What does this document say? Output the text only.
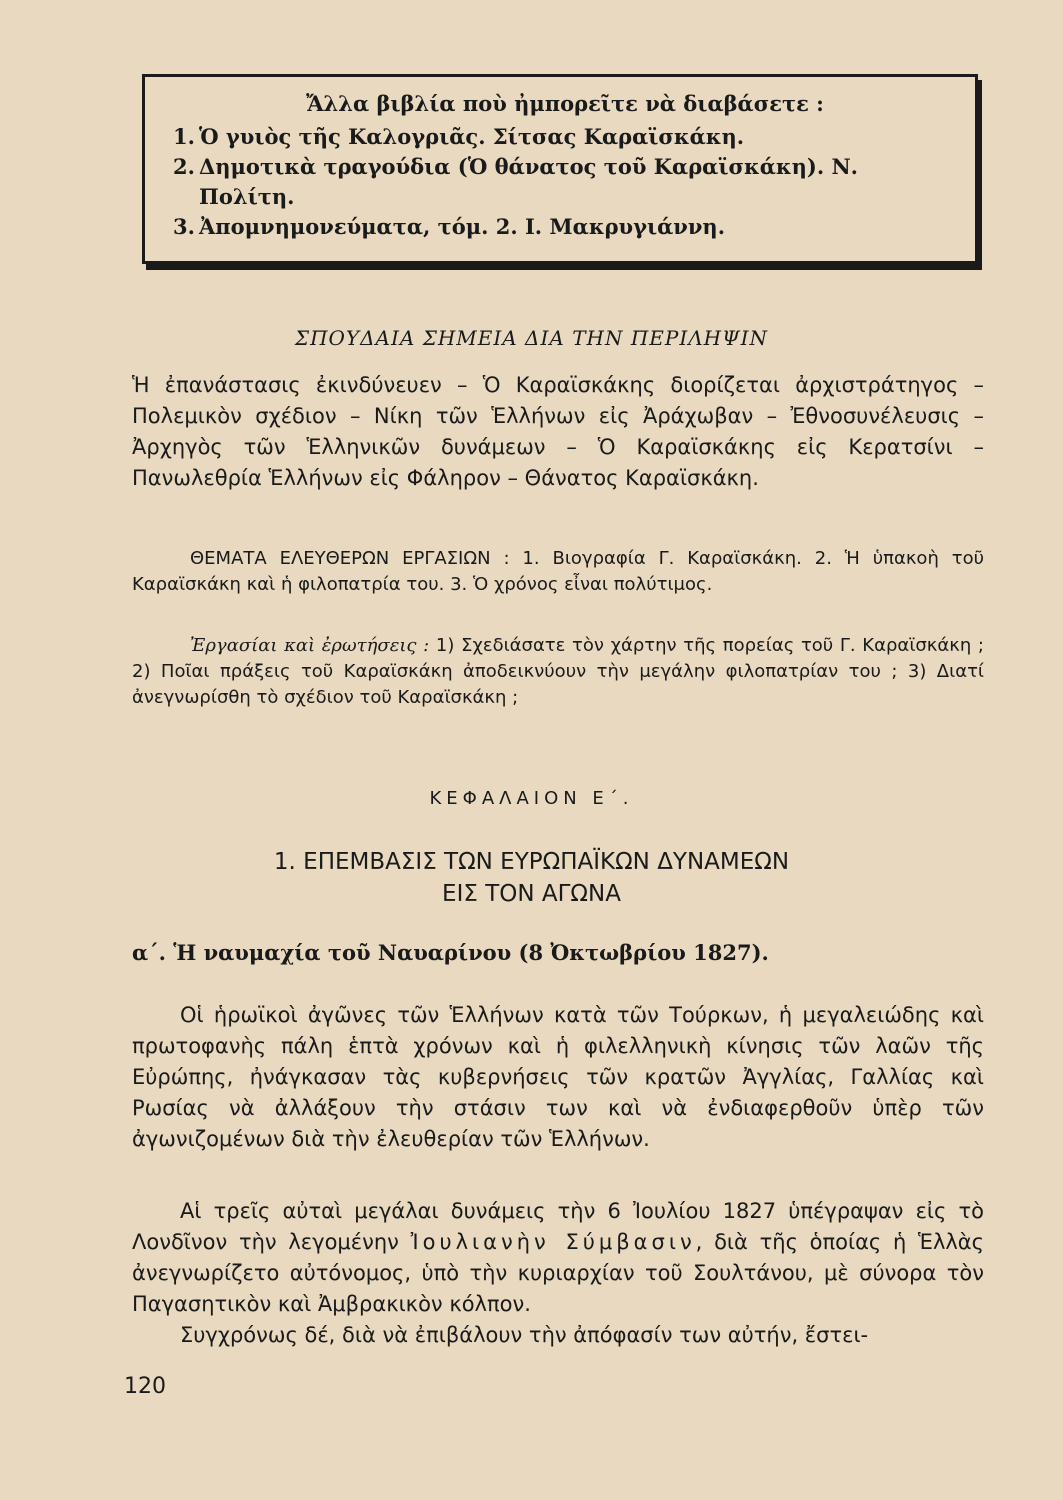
Ἄλλα βιβλία ποὺ ἠμπορεῖτε νὰ διαβάσετε :
1. Ὁ γυιὸς τῆς Καλογριᾶς. Σίτσας Καραϊσκάκη.
2. Δημοτικὰ τραγούδια (Ὁ θάνατος τοῦ Καραϊσκάκη). Ν. Πολίτη.
3. Ἀπομνημονεύματα, τόμ. 2. Ι. Μακρυγιάννη.
ΣΠΟΥΔΑΙΑ ΣΗΜΕΙΑ ΔΙΑ ΤΗΝ ΠΕΡΙΛΗΨΙΝ
Ἡ ἐπανάστασις ἐκινδύνευεν – Ὁ Καραϊσκάκης διορίζεται ἀρχιστράτηγος – Πολεμικὸν σχέδιον – Νίκη τῶν Ἑλλήνων εἰς Ἀράχωβαν – Ἐθνοσυνέλευσις – Ἀρχηγὸς τῶν Ἑλληνικῶν δυνάμεων – Ὁ Καραϊσκάκης εἰς Κερατσίνι – Πανωλεθρία Ἑλλήνων εἰς Φάληρον – Θάνατος Καραϊσκάκη.
ΘΕΜΑΤΑ ΕΛΕΥΘΕΡΩΝ ΕΡΓΑΣΙΩΝ : 1. Βιογραφία Γ. Καραϊσκάκη. 2. Ἡ ὑπακοὴ τοῦ Καραϊσκάκη καὶ ἡ φιλοπατρία του. 3. Ὁ χρόνος εἶναι πολύτιμος.
Ἐργασίαι καὶ ἐρωτήσεις : 1) Σχεδιάσατε τὸν χάρτην τῆς πορείας τοῦ Γ. Καραϊσκάκη ; 2) Ποῖαι πράξεις τοῦ Καραϊσκάκη ἀποδεικνύουν τὴν μεγάλην φιλοπατρίαν του ; 3) Διατί ἀνεγνωρίσθη τὸ σχέδιον τοῦ Καραϊσκάκη ;
ΚΕΦΑΛΑΙΟΝ Ε΄.
1. ΕΠΕΜΒΑΣΙΣ ΤΩΝ ΕΥΡΩΠΑΪΚΩΝ ΔΥΝΑΜΕΩΝ
ΕΙΣ ΤΟΝ ΑΓΩΝΑ
α΄. Ἡ ναυμαχία τοῦ Ναυαρίνου (8 Ὀκτωβρίου 1827).
Οἱ ἡρωϊκοὶ ἀγῶνες τῶν Ἑλλήνων κατὰ τῶν Τούρκων, ἡ μεγαλειώδης καὶ πρωτοφανὴς πάλη ἑπτὰ χρόνων καὶ ἡ φιλελληνικὴ κίνησις τῶν λαῶν τῆς Εὐρώπης, ἠνάγκασαν τὰς κυβερνήσεις τῶν κρατῶν Ἀγγλίας, Γαλλίας καὶ Ρωσίας νὰ ἀλλάξουν τὴν στάσιν των καὶ νὰ ἐνδιαφερθοῦν ὑπὲρ τῶν ἀγωνιζομένων διὰ τὴν ἐλευθερίαν τῶν Ἑλλήνων.
Αἱ τρεῖς αὐταὶ μεγάλαι δυνάμεις τὴν 6 Ἰουλίου 1827 ὑπέγραψαν εἰς τὸ Λονδῖνον τὴν λεγομένην Ἰουλιανὴν Σύμβασιν, διὰ τῆς ὁποίας ἡ Ἑλλὰς ἀνεγνωρίζετο αὐτόνομος, ὑπὸ τὴν κυριαρχίαν τοῦ Σουλτάνου, μὲ σύνορα τὸν Παγασητικὸν καὶ Ἀμβρακικὸν κόλπον.
Συγχρόνως δέ, διὰ νὰ ἐπιβάλουν τὴν ἀπόφασίν των αὐτήν, ἔστει-
120
